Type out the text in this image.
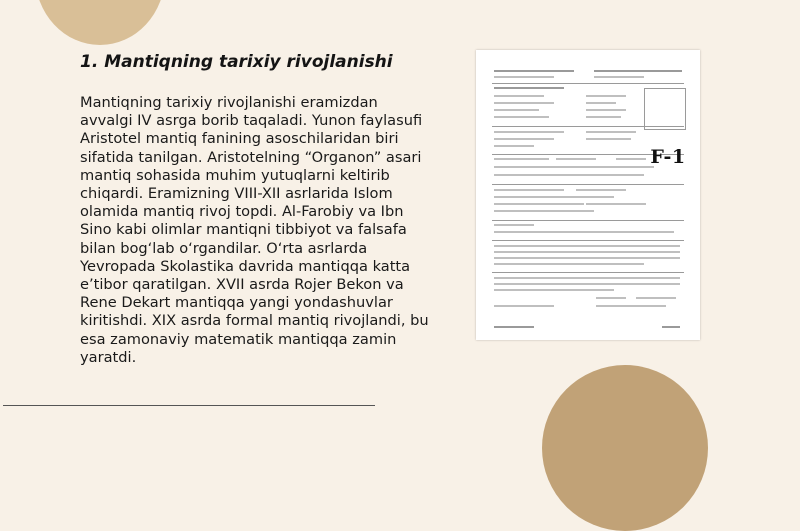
1. Mantiqning tarixiy rivojlanishi
Mantiqning tarixiy rivojlanishi eramizdan avvalgi IV asrga borib taqaladi. Yunon faylasufi Aristotel mantiq fanining asoschilaridan biri sifatida tanilgan. Aristotelning “Organon” asari mantiq sohasida muhim yutuqlarni keltirib chiqardi. Eramizning VIII-XII asrlarida Islom olamida mantiq rivoj topdi. Al-Farobiy va Ibn Sino kabi olimlar mantiqni tibbiyot va falsafa bilan bog‘lab o‘rgandilar. O‘rta asrlarda Yevropada Skolastika davrida mantiqqa katta e’tibor qaratilgan. XVII asrda Rojer Bekon va Rene Dekart mantiqqa yangi yondashuvlar kiritishdi. XIX asrda formal mantiq rivojlandi, bu esa zamonaviy matematik mantiqqa zamin yaratdi.
F-1
